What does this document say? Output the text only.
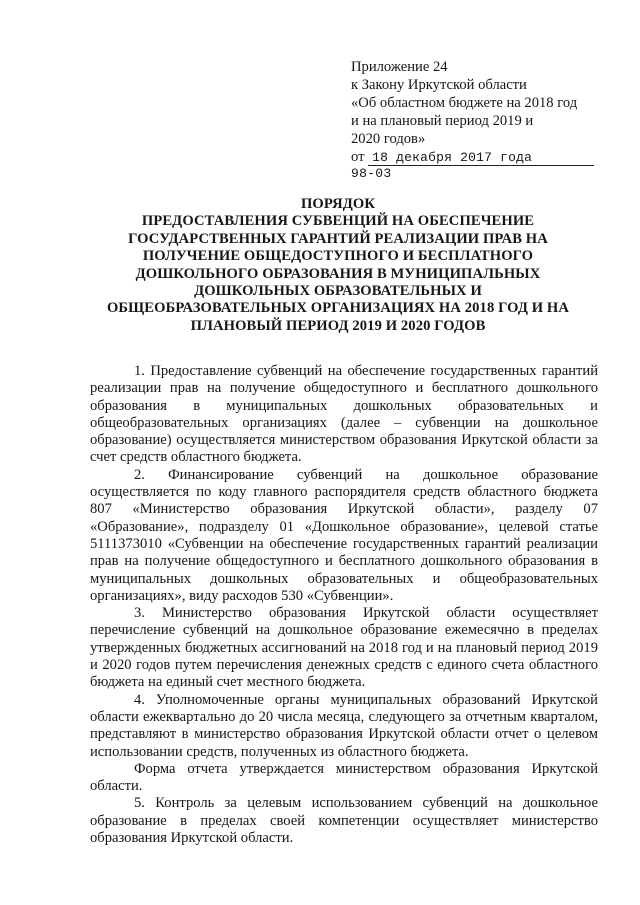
Приложение 24
к Закону Иркутской области
«Об областном бюджете на 2018 год
и на плановый период 2019 и
2020 годов»
от 18 декабря 2017 года
98-03
ПОРЯДОК
ПРЕДОСТАВЛЕНИЯ СУБВЕНЦИЙ НА ОБЕСПЕЧЕНИЕ
ГОСУДАРСТВЕННЫХ ГАРАНТИЙ РЕАЛИЗАЦИИ ПРАВ НА
ПОЛУЧЕНИЕ ОБЩЕДОСТУПНОГО И БЕСПЛАТНОГО
ДОШКОЛЬНОГО ОБРАЗОВАНИЯ В МУНИЦИПАЛЬНЫХ
ДОШКОЛЬНЫХ ОБРАЗОВАТЕЛЬНЫХ И
ОБЩЕОБРАЗОВАТЕЛЬНЫХ ОРГАНИЗАЦИЯХ НА 2018 ГОД И НА
ПЛАНОВЫЙ ПЕРИОД 2019 И 2020 ГОДОВ

1. Предоставление субвенций на обеспечение государственных гарантий реализации прав на получение общедоступного и бесплатного дошкольного образования в муниципальных дошкольных образовательных и общеобразовательных организациях (далее – субвенции на дошкольное образование) осуществляется министерством образования Иркутской области за счет средств областного бюджета.

2. Финансирование субвенций на дошкольное образование осуществляется по коду главного распорядителя средств областного бюджета 807 «Министерство образования Иркутской области», разделу 07 «Образование», подразделу 01 «Дошкольное образование», целевой статье 5111373010 «Субвенции на обеспечение государственных гарантий реализации прав на получение общедоступного и бесплатного дошкольного образования в муниципальных дошкольных образовательных и общеобразовательных организациях», виду расходов 530 «Субвенции».

3. Министерство образования Иркутской области осуществляет перечисление субвенций на дошкольное образование ежемесячно в пределах утвержденных бюджетных ассигнований на 2018 год и на плановый период 2019 и 2020 годов путем перечисления денежных средств с единого счета областного бюджета на единый счет местного бюджета.

4. Уполномоченные органы муниципальных образований Иркутской области ежеквартально до 20 числа месяца, следующего за отчетным кварталом, представляют в министерство образования Иркутской области отчет о целевом использовании средств, полученных из областного бюджета.

Форма отчета утверждается министерством образования Иркутской области.

5. Контроль за целевым использованием субвенций на дошкольное образование в пределах своей компетенции осуществляет министерство образования Иркутской области.
